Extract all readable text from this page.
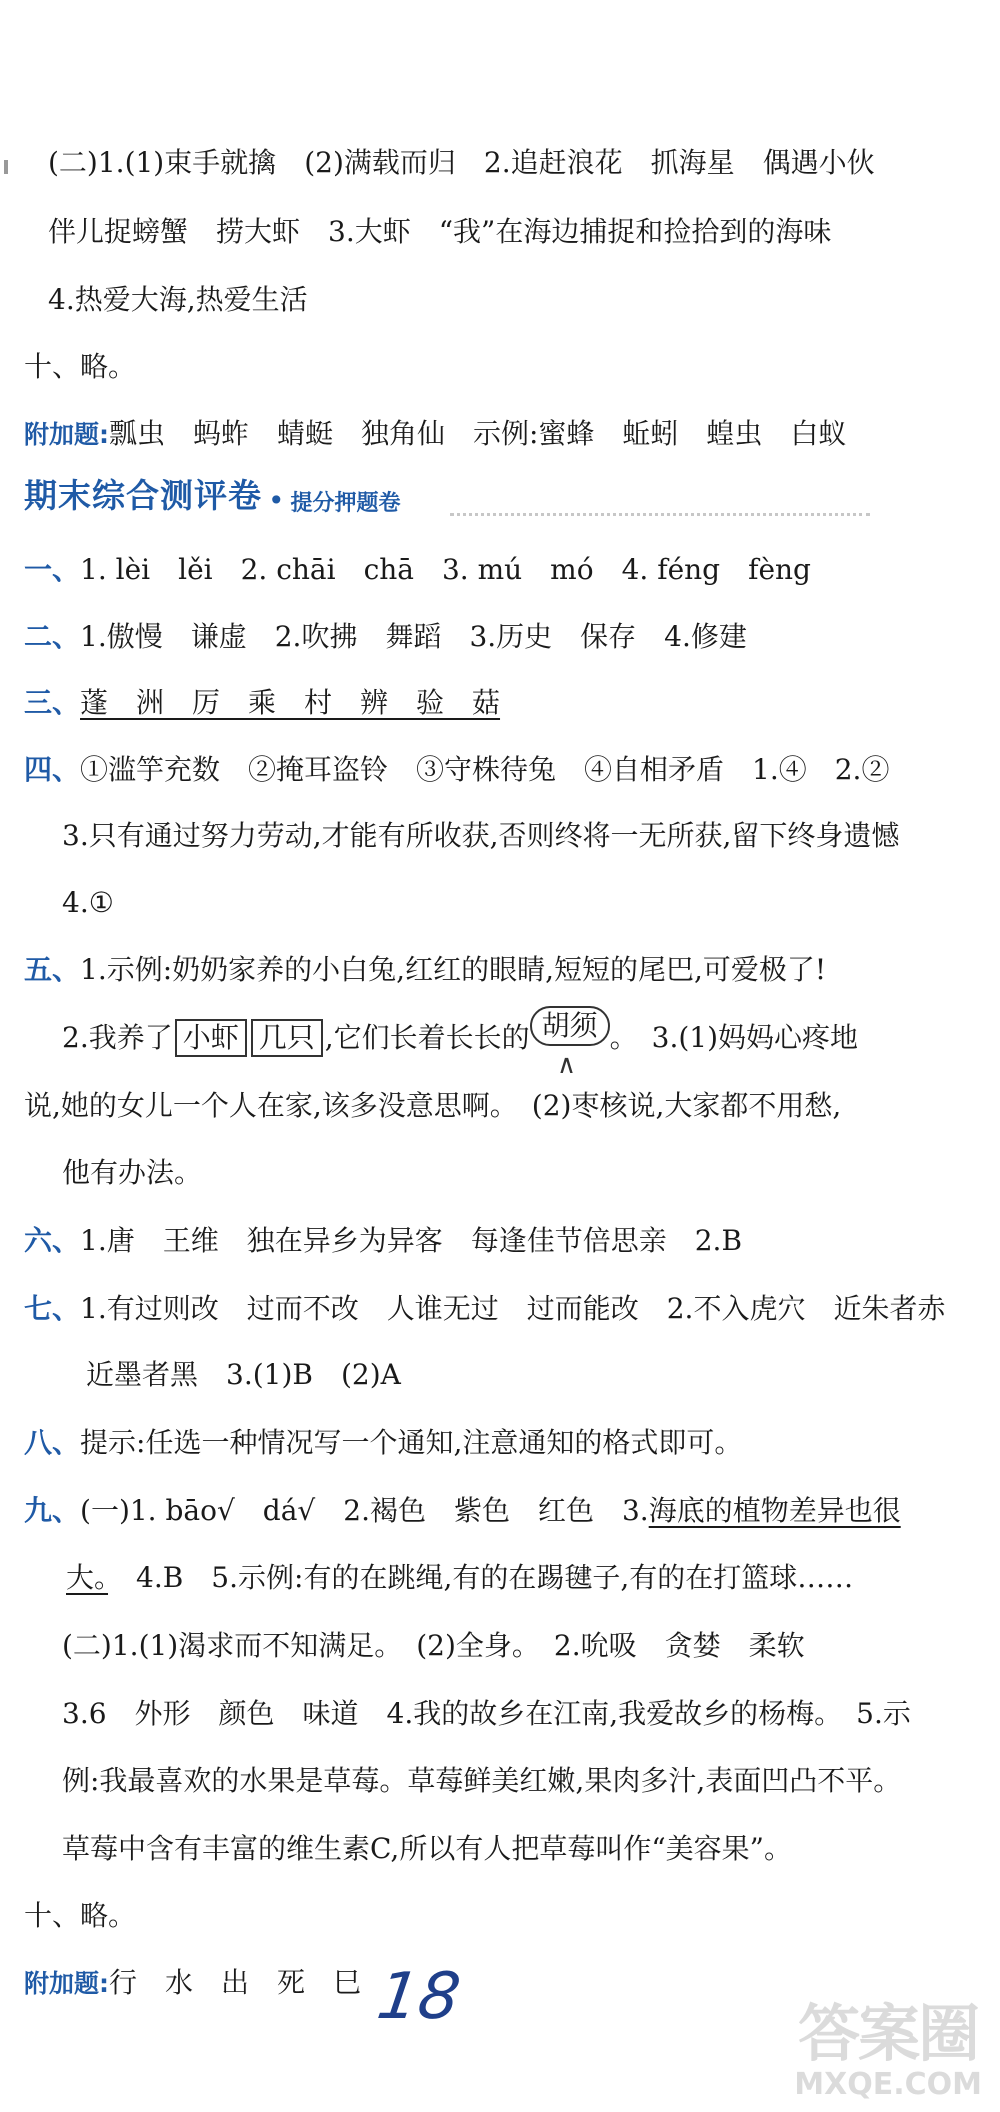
(二)1.(1)束手就擒　(2)满载而归　2.追赶浪花　抓海星　偶遇小伙
伴儿捉螃蟹　捞大虾　3.大虾　“我”在海边捕捉和捡拾到的海味
4.热爱大海,热爱生活
十、略。
附加题:瓢虫　蚂蚱　蜻蜓　独角仙　示例:蜜蜂　蚯蚓　蝗虫　白蚁
期末综合测评卷 • 提分押题卷
一、1. lèi　lěi　2. chāi　chā　3. mú　mó　4. féng　fèng
二、1.傲慢　谦虚　2.吹拂　舞蹈　3.历史　保存　4.修建
三、蓬　洲　厉　乘　村　辨　验　菇
四、①滥竽充数　②掩耳盗铃　③守株待兔　④自相矛盾　1.④　2.②
3.只有通过努力劳动,才能有所收获,否则终将一无所获,留下终身遗憾
4.①
五、1.示例:奶奶家养的小白兔,红红的眼睛,短短的尾巴,可爱极了!
2.我养了 小虾 几只 ,它们长着长长的 胡须 。　3.(1)妈妈心疼地
∧
说,她的女儿一个人在家,该多没意思啊。　(2)枣核说,大家都不用愁,
他有办法。
六、1.唐　王维　独在异乡为异客　每逢佳节倍思亲　2.B
七、1.有过则改　过而不改　人谁无过　过而能改　2.不入虎穴　近朱者赤
近墨者黑　3.(1)B　(2)A
八、提示:任选一种情况写一个通知,注意通知的格式即可。
九、(一)1. bāo√　dá√　2.褐色　紫色　红色　3.海底的植物差异也很
大。　4.B　5.示例:有的在跳绳,有的在踢毽子,有的在打篮球……
(二)1.(1)渴求而不知满足。　(2)全身。　2.吮吸　贪婪　柔软
3.6　外形　颜色　味道　4.我的故乡在江南,我爱故乡的杨梅。　5.示
例:我最喜欢的水果是草莓。草莓鲜美红嫩,果肉多汁,表面凹凸不平。
草莓中含有丰富的维生素C,所以有人把草莓叫作“美容果”。
十、略。
附加题:行　水　出　死　巳 18	答案圈
MXQE.COM
